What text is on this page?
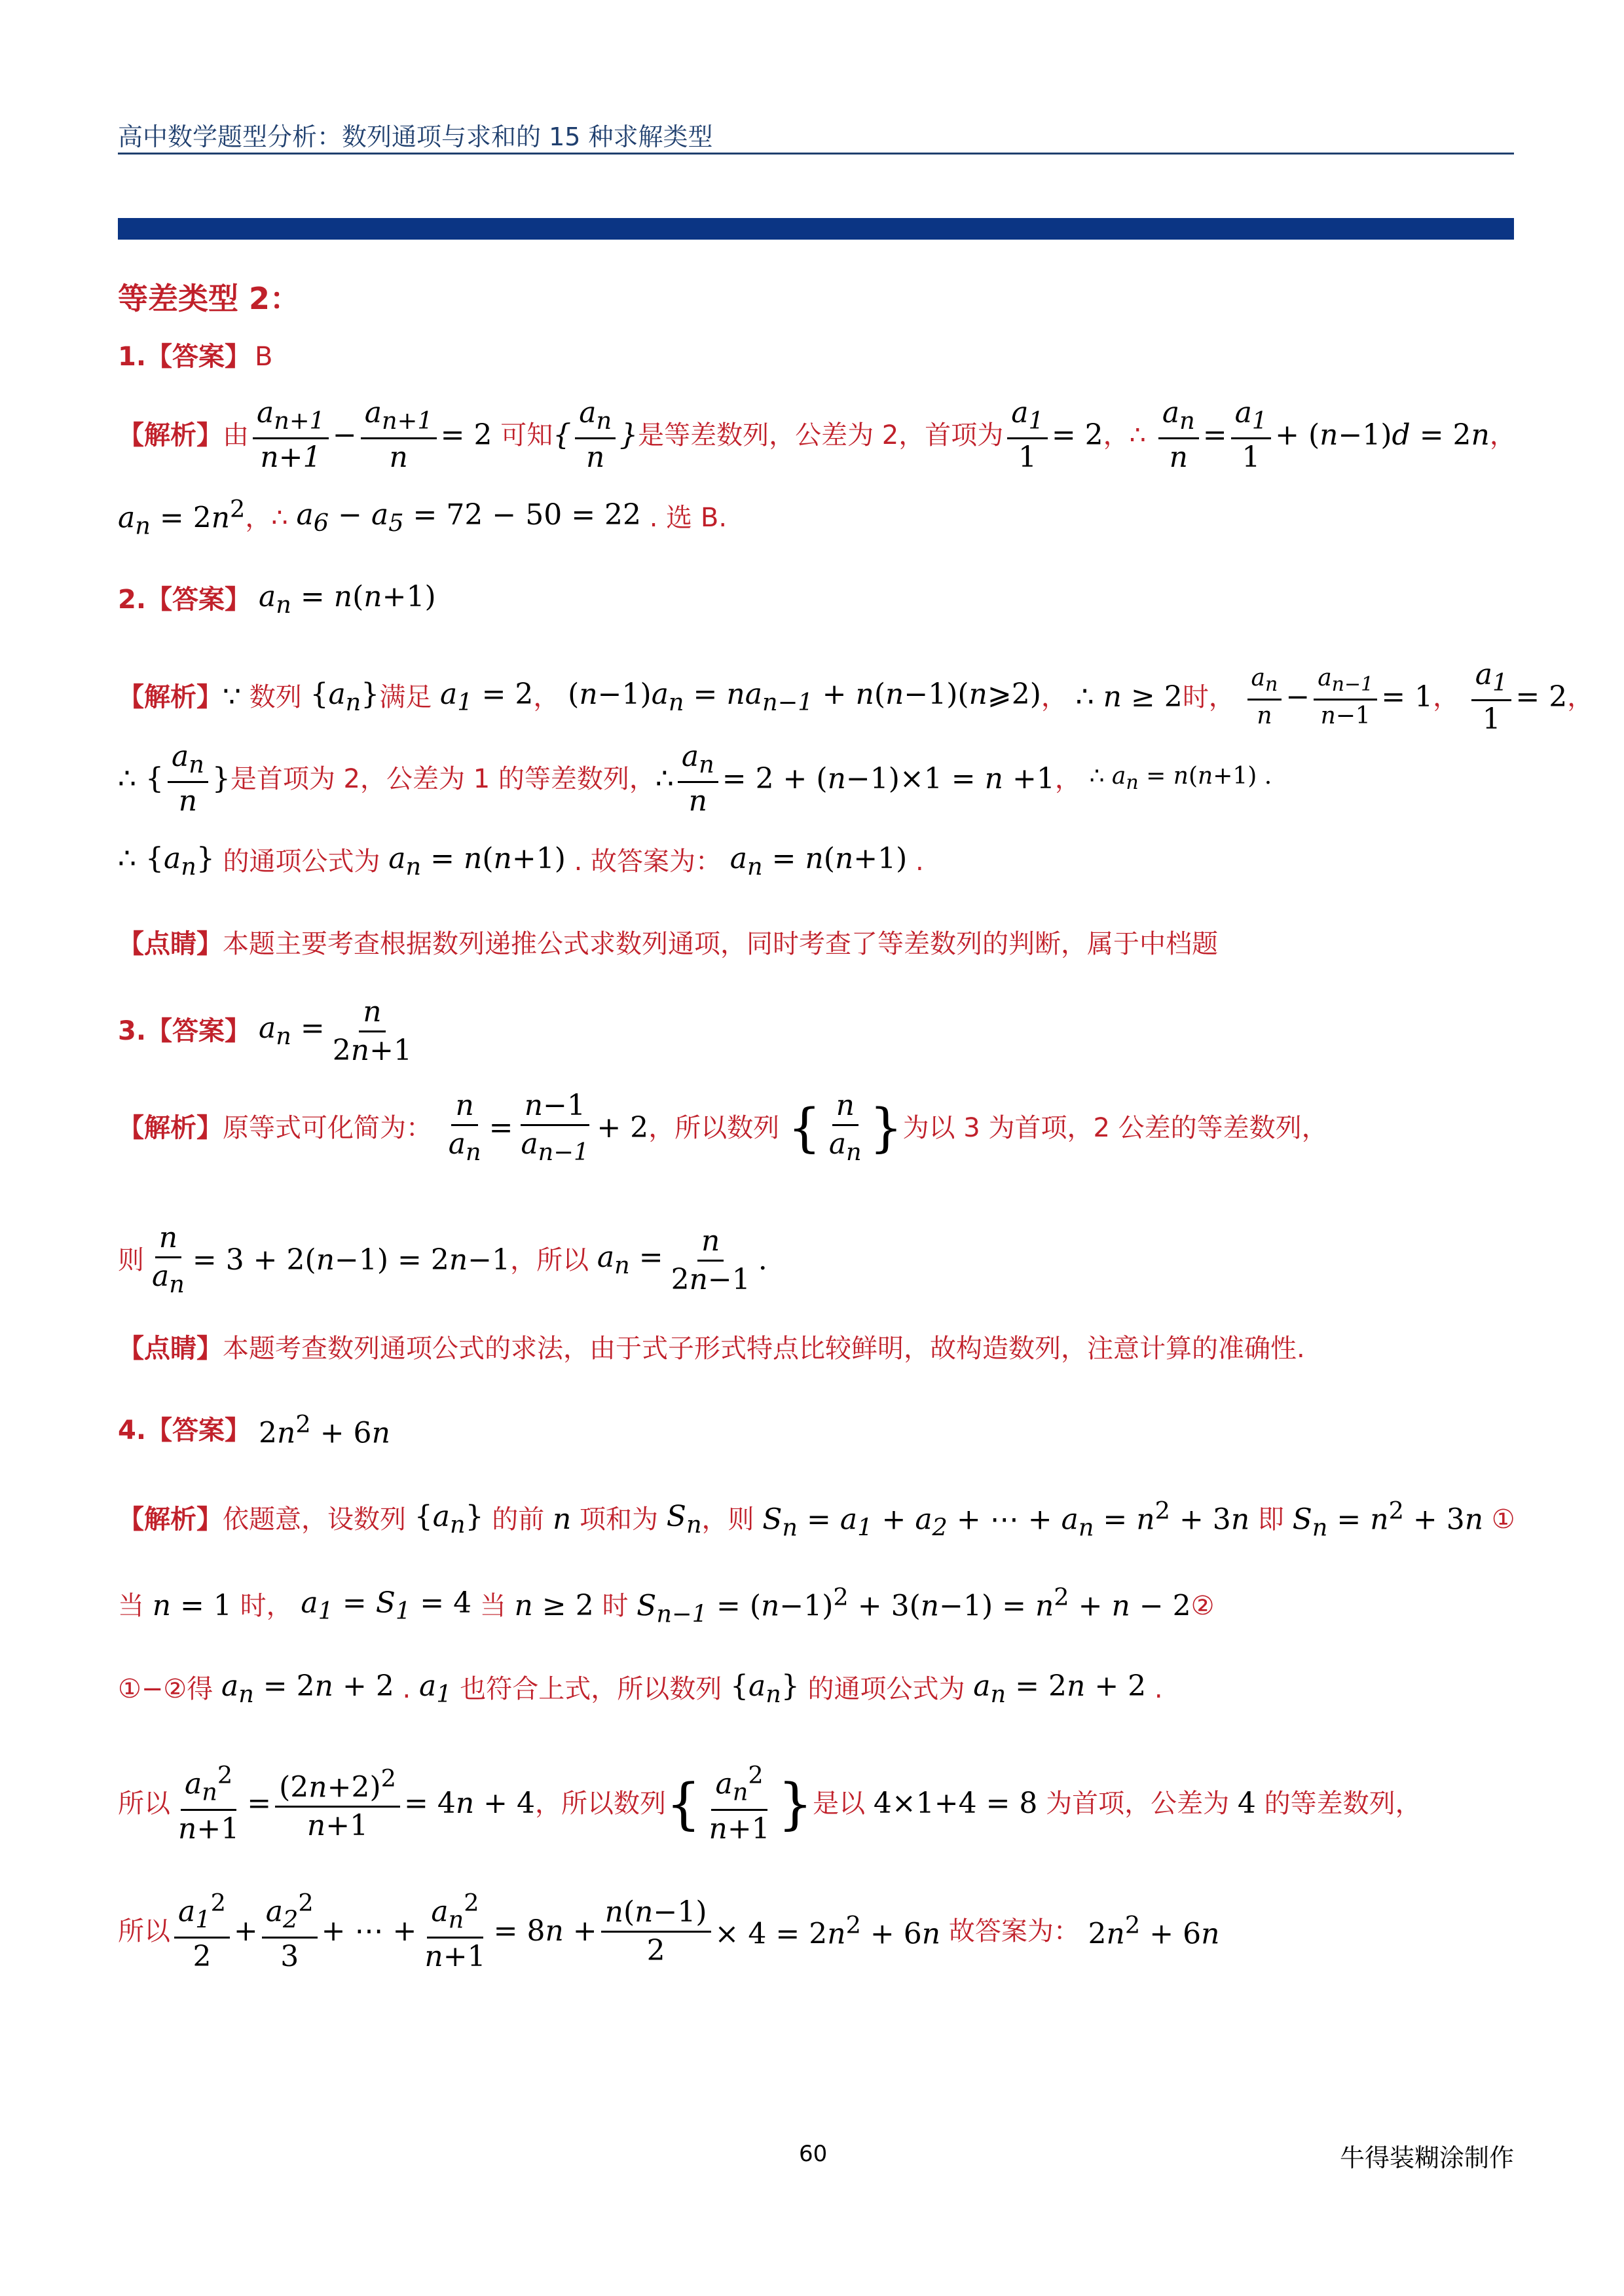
高中数学题型分析：数列通项与求和的 15 种求解类型
等差类型 2：
1. 【答案】 B
【解析】 由 $\frac{a_{n+1}}{n+1} - \frac{a_{n+1}}{n} = 2$ 可知 { $\frac{a_n}{n}$ } 是等差数列，公差为 2，首项为 $\frac{a_1}{1} = 2$ ，∴ $\frac{a_n}{n} = \frac{a_1}{1} + (n-1)d = 2n$ ，
$a_n = 2n^2$ ，∴ $a_6 - a_5 = 72 - 50 = 22$ . 选 B.
2. 【答案】 $a_n = n(n+1)$
【解析】 ∵ 数列 $\{a_n\}$ 满足 $a_1 = 2$ ， $(n-1)a_n = na_{n-1}$ + n(n−1)(n⩾2) ， ∴ n ≥ 2 时， $\frac{a_n}{n} - \frac{a_{n-1}}{n-1} = 1$ ， $\frac{a_1}{1} = 2$ ，
∴ { $\frac{a_n}{n}$ } 是首项为 2，公差为 1 的等差数列， ∴ $\frac{a_n}{n} = 2 + (n-1)\times 1 = n +1$ ， ∴ $a_n = n(n+1)$ .
∴ $\{a_n\}$ 的通项公式为 $a_n = n(n+1)$ . 故答案为： $a_n = n(n+1)$ .
【点睛】 本题主要考查根据数列递推公式求数列通项，同时考查了等差数列的判断，属于中档题
3. 【答案】 $a_n = \frac{n}{2n+1}$
【解析】 原等式可化简为： $\frac{n}{a_n} = \frac{n-1}{a_{n-1}} + 2$ ，所以数列 { $\frac{n}{a_n}$ } 为以 3 为首项，2 公差的等差数列，
则 $\frac{n}{a_n} = 3 + 2(n-1) = 2n-1$ ，所以 $a_n = \frac{n}{2n-1}$ .
【点睛】 本题考查数列通项公式的求法，由于式子形式特点比较鲜明，故构造数列，注意计算的准确性.
4. 【答案】 $2n^2 + 6n$
【解析】 依题意，设数列 $\{a_n\}$ 的前 n 项和为 $S_n$ ，则 $S_n = a_1 + a_2$ + ⋯ + $a_n = n^2 + 3n$ 即 $S_n = n^2 + 3n$ ①
当 n = 1 时， $a_1 = S_1 = 4$ 当 n ≥ 2 时 $S_{n-1} = (n-1)^2 + 3(n-1) = n^2 + n - 2$ ②
①−②得 $a_n = 2n + 2$ . $a_1$ 也符合上式，所以数列 $\{a_n\}$ 的通项公式为 $a_n = 2n + 2$ .
所以 $\frac{a_n^2}{n+1} = \frac{(2n+2)^2}{n+1} = 4n + 4$ ，所以数列 { $\frac{a_n^2}{n+1}$ } 是以 4×1+4 = 8 为首项，公差为 4 的等差数列，
所以 $\frac{a_1^2}{2} + \frac{a_2^2}{3}$ + ⋯ + $\frac{a_n^2}{n+1} = 8n + \frac{n(n-1)}{2} \times 4 = 2n^2 + 6n$ 故答案为： $2n^2 + 6n$
60	牛得装糊涂制作
